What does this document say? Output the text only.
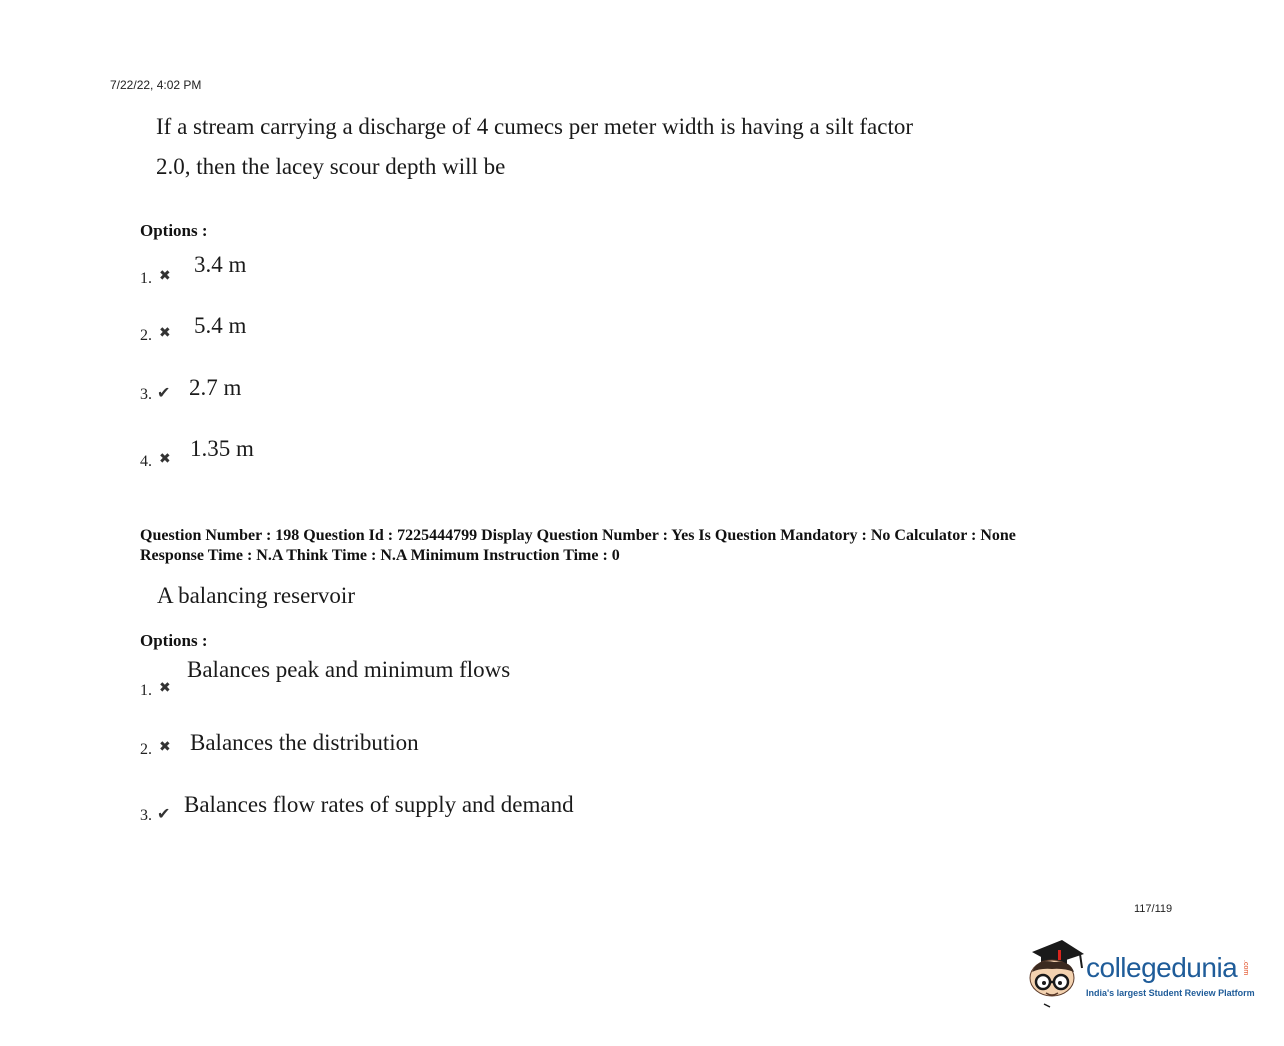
7/22/22, 4:02 PM
If a stream carrying a discharge of 4 cumecs per meter width is having a silt factor
2.0, then the lacey scour depth will be
Options :
1. ✖ 3.4 m
2. ✖ 5.4 m
3. ✔ 2.7 m
4. ✖ 1.35 m
Question Number : 198 Question Id : 7225444799 Display Question Number : Yes Is Question Mandatory : No Calculator : None
Response Time : N.A Think Time : N.A Minimum Instruction Time : 0
A balancing reservoir
Options :
1. ✖
Balances peak and minimum flows
2. ✖ Balances the distribution
3. ✔ Balances flow rates of supply and demand
117/119
collegedunia .com
India's largest Student Review Platform
